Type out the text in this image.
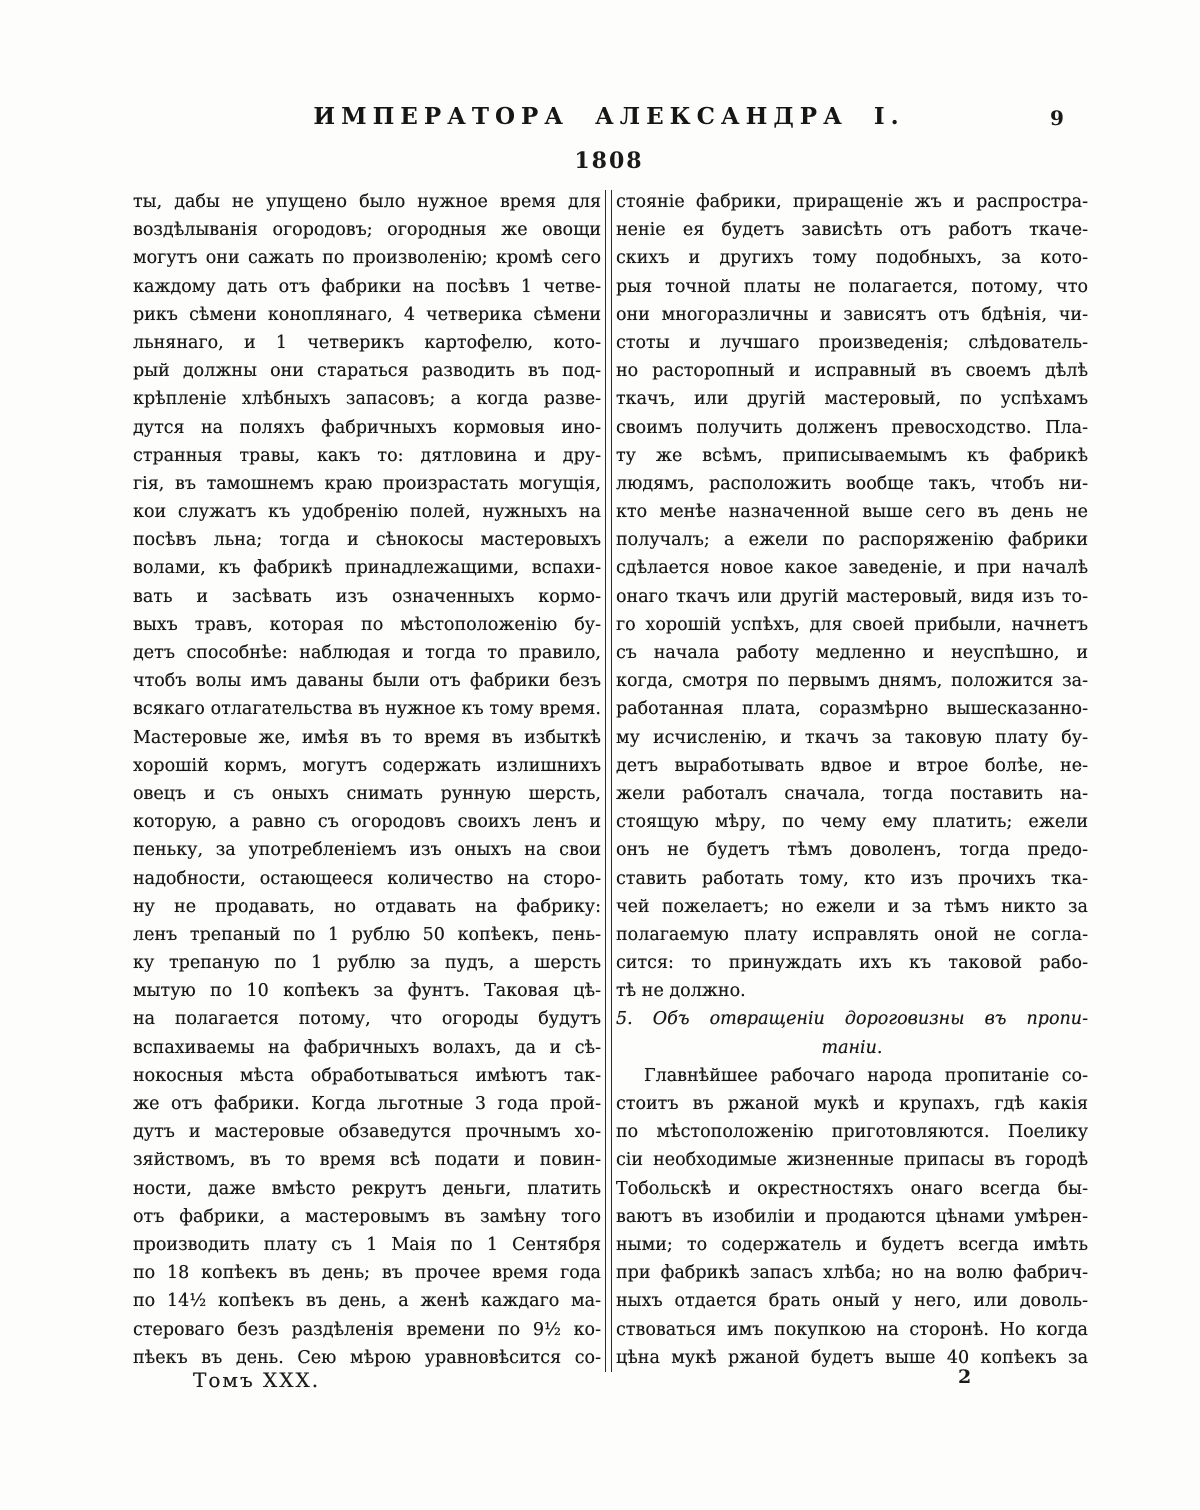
ИМПЕРАТОРА АЛЕКСАНДРА I.	9
1808
ты, дабы не упущено было нужное время для
воздѣлыванія огородовъ; огородныя же овощи
могутъ они сажать по произволенію; кромѣ сего
каждому дать отъ фабрики на посѣвъ 1 четве-
рикъ сѣмени коноплянаго, 4 четверика сѣмени
льнянаго, и 1 четверикъ картофелю, кото-
рый должны они стараться разводить въ под-
крѣпленіе хлѣбныхъ запасовъ; а когда разве-
дутся на поляхъ фабричныхъ кормовыя ино-
странныя травы, какъ то: дятловина и дру-
гія, въ тамошнемъ краю произрастать могущія,
кои служатъ къ удобренію полей, нужныхъ на
посѣвъ льна; тогда и сѣнокосы мастеровыхъ
волами, къ фабрикѣ принадлежащими, вспахи-
вать и засѣвать изъ означенныхъ кормо-
выхъ травъ, которая по мѣстоположенію бу-
детъ способнѣе: наблюдая и тогда то правило,
чтобъ волы имъ даваны были отъ фабрики безъ
всякаго отлагательства въ нужное къ тому время.
Мастеровые же, имѣя въ то время въ избыткѣ
хорошій кормъ, могутъ содержать излишнихъ
овецъ и съ оныхъ снимать рунную шерсть,
которую, а равно съ огородовъ своихъ ленъ и
пеньку, за употребленіемъ изъ оныхъ на свои
надобности, остающееся количество на сторо-
ну не продавать, но отдавать на фабрику:
ленъ трепаный по 1 рублю 50 копѣекъ, пень-
ку трепаную по 1 рублю за пудъ, а шерсть
мытую по 10 копѣекъ за фунтъ. Таковая цѣ-
на полагается потому, что огороды будутъ
вспахиваемы на фабричныхъ волахъ, да и сѣ-
нокосныя мѣста обработываться имѣютъ так-
же отъ фабрики. Когда льготные 3 года прой-
дутъ и мастеровые обзаведутся прочнымъ хо-
зяйствомъ, въ то время всѣ подати и повин-
ности, даже вмѣсто рекрутъ деньги, платить
отъ фабрики, а мастеровымъ въ замѣну того
производить плату съ 1 Маія по 1 Сентября
по 18 копѣекъ въ день; въ прочее время года
по 14½ копѣекъ въ день, а женѣ каждаго ма-
стероваго безъ раздѣленія времени по 9½ ко-
пѣекъ въ день. Сею мѣрою уравновѣсится со-
стояніе фабрики, приращеніе жъ и распростра-
неніе ея будетъ зависѣть отъ работъ ткаче-
скихъ и другихъ тому подобныхъ, за кото-
рыя точной платы не полагается, потому, что
они многоразличны и зависятъ отъ бдѣнія, чи-
стоты и лучшаго произведенія; слѣдователь-
но расторопный и исправный въ своемъ дѣлѣ
ткачъ, или другій мастеровый, по успѣхамъ
своимъ получить долженъ превосходство. Пла-
ту же всѣмъ, приписываемымъ къ фабрикѣ
людямъ, расположить вообще такъ, чтобъ ни-
кто менѣе назначенной выше сего въ день не
получалъ; а ежели по распоряженію фабрики
сдѣлается новое какое заведеніе, и при началѣ
онаго ткачъ или другій мастеровый, видя изъ то-
го хорошій успѣхъ, для своей прибыли, начнетъ
съ начала работу медленно и неуспѣшно, и
когда, смотря по первымъ днямъ, положится за-
работанная плата, соразмѣрно вышесказанно-
му исчисленію, и ткачъ за таковую плату бу-
детъ выработывать вдвое и втрое болѣе, не-
жели работалъ сначала, тогда поставить на-
стоящую мѣру, по чему ему платить; ежели
онъ не будетъ тѣмъ доволенъ, тогда предо-
ставить работать тому, кто изъ прочихъ тка-
чей пожелаетъ; но ежели и за тѣмъ никто за
полагаемую плату исправлять оной не согла-
сится: то принуждать ихъ къ таковой рабо-
тѣ не должно.
5. Объ отвращеніи дороговизны въ пропи-
таніи.
Главнѣйшее рабочаго народа пропитаніе со-
стоитъ въ ржаной мукѣ и крупахъ, гдѣ какія
по мѣстоположенію приготовляются. Поелику
сіи необходимые жизненные припасы въ городѣ
Тобольскѣ и окрестностяхъ онаго всегда бы-
ваютъ въ изобиліи и продаются цѣнами умѣрен-
ными; то содержатель и будетъ всегда имѣть
при фабрикѣ запасъ хлѣба; но на волю фабрич-
ныхъ отдается брать оный у него, или доволь-
ствоваться имъ покупкою на сторонѣ. Но когда
цѣна мукѣ ржаной будетъ выше 40 копѣекъ за
Томъ XXX.	2
